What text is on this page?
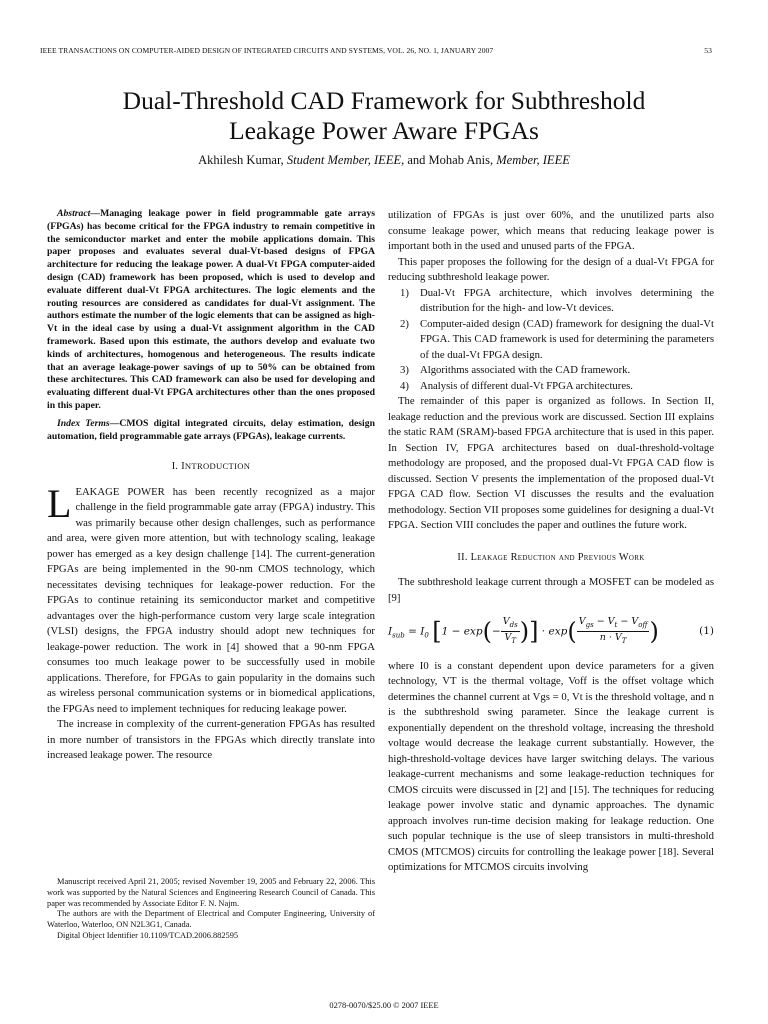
IEEE TRANSACTIONS ON COMPUTER-AIDED DESIGN OF INTEGRATED CIRCUITS AND SYSTEMS, VOL. 26, NO. 1, JANUARY 2007	53
Dual-Threshold CAD Framework for Subthreshold
Leakage Power Aware FPGAs
Akhilesh Kumar, Student Member, IEEE, and Mohab Anis, Member, IEEE

Abstract—Managing leakage power in field programmable gate arrays (FPGAs) has become critical for the FPGA industry to remain competitive in the semiconductor market and enter the mobile applications domain. This paper proposes and evaluates several dual-Vt-based designs of FPGA architecture for reducing the leakage power. A dual-Vt FPGA computer-aided design (CAD) framework has been proposed, which is used to develop and evaluate different dual-Vt FPGA architectures. The logic elements and the routing resources are considered as candidates for dual-Vt assignment. The authors estimate the number of the logic elements that can be assigned as high-Vt in the ideal case by using a dual-Vt assignment algorithm in the CAD framework. Based upon this estimate, the authors develop and evaluate two kinds of architectures, homogenous and heterogeneous. The results indicate that an average leakage-power savings of up to 50% can be obtained from these architectures. This CAD framework can also be used for developing and evaluating different dual-Vt FPGA architectures other than the ones proposed in this paper.

Index Terms—CMOS digital integrated circuits, delay estimation, design automation, field programmable gate arrays (FPGAs), leakage currents.

I. INTRODUCTION

LEAKAGE POWER has been recently recognized as a major challenge in the field programmable gate array (FPGA) industry. This was primarily because other design challenges, such as performance and area, were given more attention, but with technology scaling, leakage power has emerged as a key design challenge [14]. The current-generation FPGAs are being implemented in the 90-nm CMOS technology, which necessitates devising techniques for leakage-power reduction. For the FPGAs to continue retaining its semiconductor market and competitive advantages over the high-performance custom very large scale integration (VLSI) designs, the FPGA industry should adopt new techniques for leakage-power reduction. The work in [4] showed that a 90-nm FPGA consumes too much leakage power to be successfully used in mobile applications. Therefore, for FPGAs to gain popularity in the domains such as wireless personal communication systems or in biomedical applications, the FPGAs need to implement techniques for reducing leakage power.

The increase in complexity of the current-generation FPGAs has resulted in more number of transistors in the FPGAs which directly translate into increased leakage power. The resource

Manuscript received April 21, 2005; revised November 19, 2005 and February 22, 2006. This work was supported by the Natural Sciences and Engineering Research Council of Canada. This paper was recommended by Associate Editor F. N. Najm.

The authors are with the Department of Electrical and Computer Engineering, University of Waterloo, Waterloo, ON N2L3G1, Canada.

Digital Object Identifier 10.1109/TCAD.2006.882595

utilization of FPGAs is just over 60%, and the unutilized parts also consume leakage power, which means that reducing leakage power is important both in the used and unused parts of the FPGA.

This paper proposes the following for the design of a dual-Vt FPGA for reducing subthreshold leakage power.

1) Dual-Vt FPGA architecture, which involves determining the distribution for the high- and low-Vt devices.
2) Computer-aided design (CAD) framework for designing the dual-Vt FPGA. This CAD framework is used for determining the parameters of the dual-Vt FPGA design.
3) Algorithms associated with the CAD framework.
4) Analysis of different dual-Vt FPGA architectures.

The remainder of this paper is organized as follows. In Section II, leakage reduction and the previous work are discussed. Section III explains the static RAM (SRAM)-based FPGA architecture that is used in this paper. In Section IV, FPGA architectures based on dual-threshold-voltage methodology are proposed, and the proposed dual-Vt FPGA CAD flow is discussed. Section V presents the implementation of the proposed dual-Vt FPGA CAD flow. Section VI discusses the results and the evaluation methodology. Section VII proposes some guidelines for designing a dual-Vt FPGA. Section VIII concludes the paper and outlines the future work.

II. Leakage Reduction and Previous Work

The subthreshold leakage current through a MOSFET can be modeled as [9]

$I_{sub} = I_0$ [$1 - \exp(- \frac{V_{ds}}{V_T}$ )] · $\exp( \frac{V_{gs} - V_t - V_{off}}{n \cdot V_T}$ )	(1)

where I0 is a constant dependent upon device parameters for a given technology, VT is the thermal voltage, Voff is the offset voltage which determines the channel current at Vgs = 0, Vt is the threshold voltage, and n is the subthreshold swing parameter. Since the leakage current is exponentially dependent on the threshold voltage, increasing the threshold voltage would decrease the leakage current substantially. However, the high-threshold-voltage devices have larger switching delays. The various leakage-current mechanisms and some leakage-reduction techniques for CMOS circuits were discussed in [2] and [15]. The techniques for reducing leakage power involve static and dynamic approaches. The dynamic approach involves run-time decision making for leakage reduction. One such popular technique is the use of sleep transistors in multi-threshold CMOS (MTCMOS) circuits for controlling the leakage power [18]. Several optimizations for MTCMOS circuits involving

0278-0070/$25.00 © 2007 IEEE
